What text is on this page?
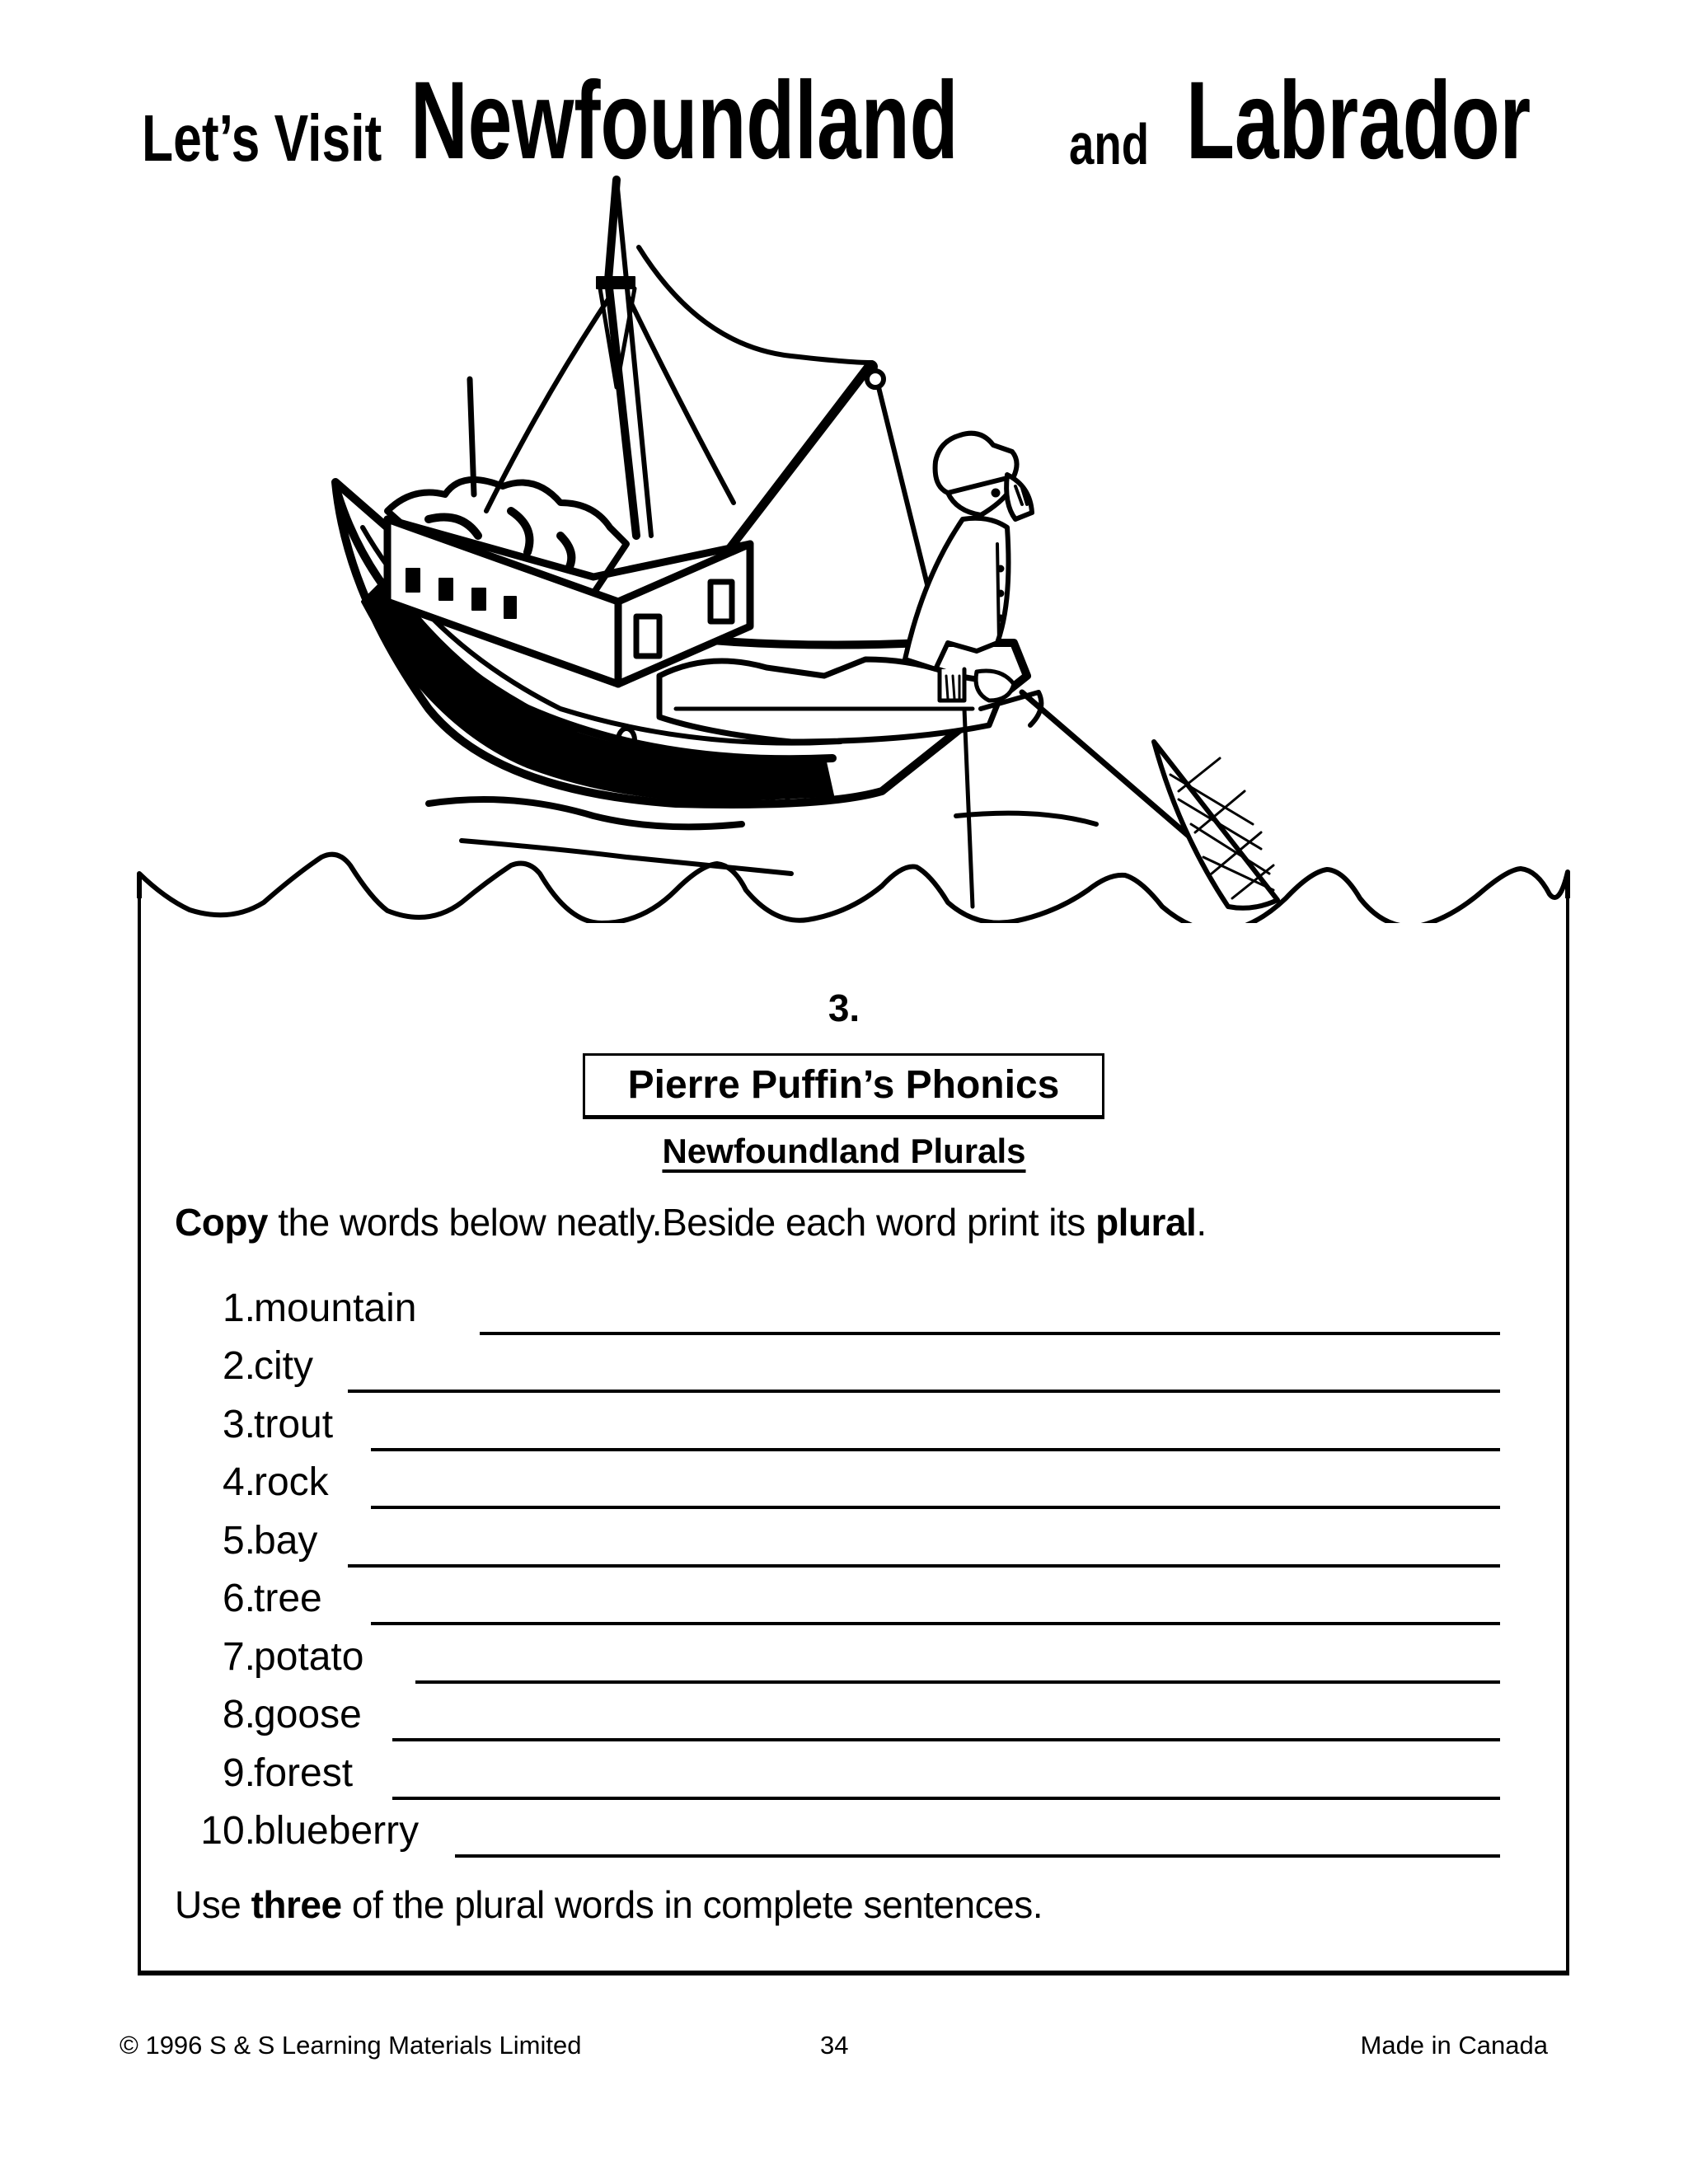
Let’s Visit Newfoundland and Labrador
3.
Pierre Puffin’s Phonics
Newfoundland Plurals
Copy the words below neatly.Beside each word print its plural.
1.
mountain
2.
city
3.
trout
4.
rock
5.
bay
6.
tree
7.
potato
8.
goose
9.
forest
10.
blueberry
Use three of the plural words in complete sentences.
© 1996 S & S Learning Materials Limited	34	Made in Canada
